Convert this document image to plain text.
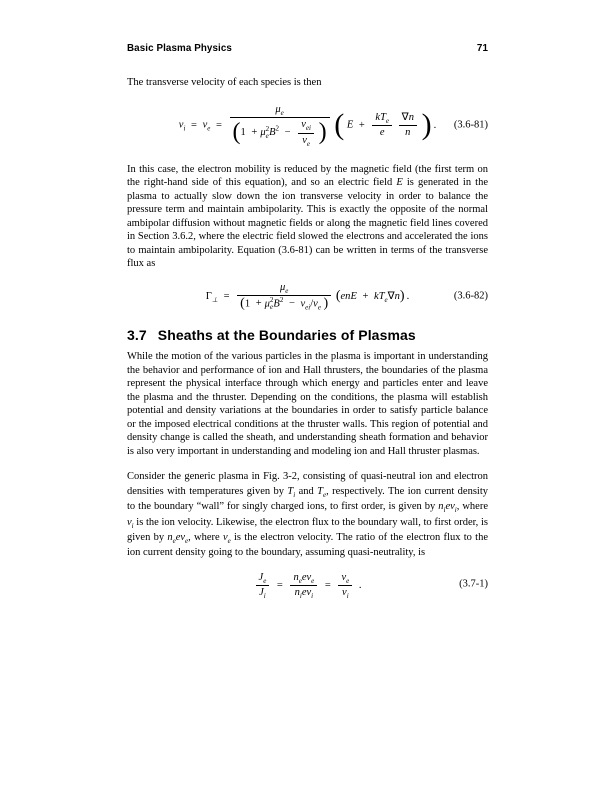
Basic Plasma Physics	71

The transverse velocity of each species is then

$v_i = v_e$ =
$\mu_e$
(1 + μ 2
e $B^2$ −
$\nu_{ei}$
$\nu_e$ ) ( E +
$kT_e$
e
	$\frac{\nabla n}{n}$ ) . (3.6-81)

In this case, the electron mobility is reduced by the magnetic field (the first term on the right-hand side of this equation), and so an electric field E is generated in the plasma to actually slow down the ion transverse velocity in order to balance the pressure term and maintain ambipolarity. This is exactly the opposite of the normal ambipolar diffusion without magnetic fields or along the magnetic field lines covered in Section 3.6.2, where the electric field slowed the electrons and accelerated the ions to maintain ambipolarity. Equation (3.6-81) can be written in terms of the transverse flux as

$\Gamma_\perp$ =
$\mu_e$
(1 + μ 2
e $B^2 - \nu_{ei}/\nu_e$ ) $(enE + kT_e\nabla n)$ .	(3.6-82)
3.7 Sheaths at the Boundaries of Plasmas

While the motion of the various particles in the plasma is important in understanding the behavior and performance of ion and Hall thrusters, the boundaries of the plasma represent the physical interface through which energy and particles enter and leave the plasma and the thruster. Depending on the conditions, the plasma will establish potential and density variations at the boundaries in order to satisfy particle balance or the imposed electrical conditions at the thruster walls. This region of potential and density change is called the sheath, and understanding sheath formation and behavior is also very important in understanding and modeling ion and Hall thruster plasmas.

Consider the generic plasma in Fig. 3-2, consisting of quasi-neutral ion and electron densities with temperatures given by $T_i$ and $T_e$, respectively. The ion current density to the boundary “wall” for singly charged ions, to first order, is given by $n_iev_i$, where $v_i$ is the ion velocity. Likewise, the electron flux to the boundary wall, to first order, is given by $n_eev_e$, where $v_e$ is the electron velocity. The ratio of the electron flux to the ion current density going to the boundary, assuming quasi-neutrality, is

$\frac{J_e}{J_i}$ =
$n_eev_e$
$n_iev_i$
= $\frac{v_e}{v_i}$ .	(3.7-1)
